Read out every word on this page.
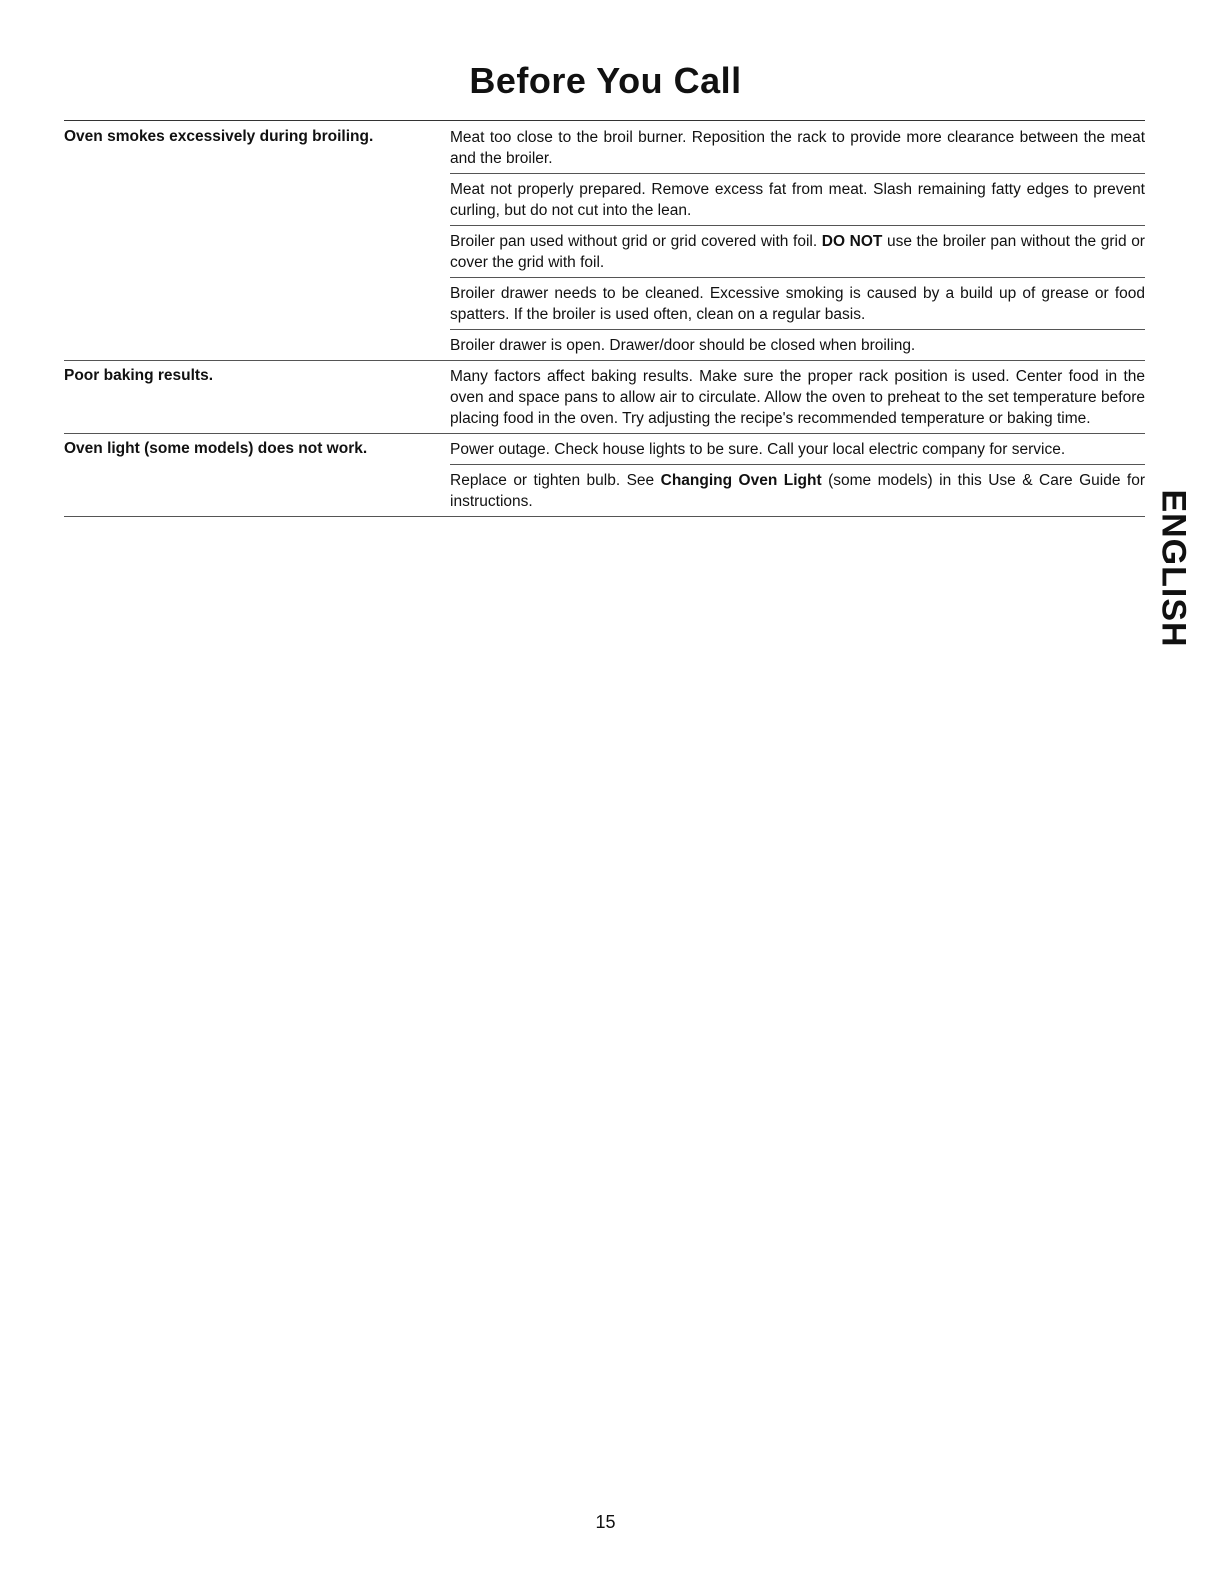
Before You Call
Oven smokes excessively during broiling.	Meat too close to the broil burner. Reposition the rack to provide more clearance between the meat and the broiler.
Meat not properly prepared. Remove excess fat from meat. Slash remaining fatty edges to prevent curling, but do not cut into the lean.
Broiler pan used without grid or grid covered with foil. DO NOT use the broiler pan without the grid or cover the grid with foil.
Broiler drawer needs to be cleaned. Excessive smoking is caused by a build up of grease or food spatters. If the broiler is used often, clean on a regular basis.
Broiler drawer is open. Drawer/door should be closed when broiling.
Poor baking results.	Many factors affect baking results. Make sure the proper rack position is used. Center food in the oven and space pans to allow air to circulate. Allow the oven to preheat to the set temperature before placing food in the oven. Try adjusting the recipe's recommended temperature or baking time.
Oven light (some models) does not work.	Power outage. Check house lights to be sure. Call your local electric company for service.
Replace or tighten bulb. See Changing Oven Light (some models) in this Use & Care Guide for instructions.	ENGLISH
15
